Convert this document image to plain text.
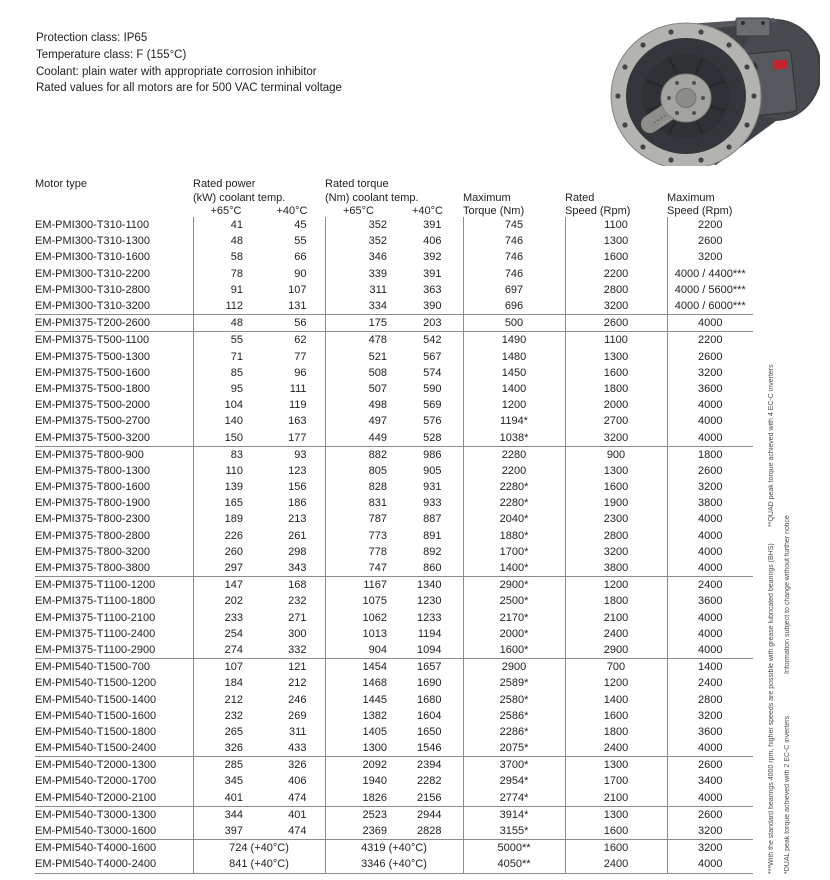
Protection class: IP65
Temperature class: F (155°C)
Coolant: plain water with appropriate corrosion inhibitor
Rated values for all motors are for 500 VAC terminal voltage
Motor type	Rated power		Rated torque				
	(kW) coolant temp.		(Nm) coolant temp.		Maximum	Rated	Maximum
	+65°C	+40°C	+65°C	+40°C	Torque (Nm)	Speed (Rpm)	Speed (Rpm)
EM-PMI300-T310-1100	41	45	352	391	745	1100	2200
EM-PMI300-T310-1300	48	55	352	406	746	1300	2600
EM-PMI300-T310-1600	58	66	346	392	746	1600	3200
EM-PMI300-T310-2200	78	90	339	391	746	2200	4000 / 4400***
EM-PMI300-T310-2800	91	107	311	363	697	2800	4000 / 5600***
EM-PMI300-T310-3200	112	131	334	390	696	3200	4000 / 6000***
EM-PMI375-T200-2600	48	56	175	203	500	2600	4000
EM-PMI375-T500-1100	55	62	478	542	1490	1100	2200
EM-PMI375-T500-1300	71	77	521	567	1480	1300	2600
EM-PMI375-T500-1600	85	96	508	574	1450	1600	3200
EM-PMI375-T500-1800	95	111	507	590	1400	1800	3600
EM-PMI375-T500-2000	104	119	498	569	1200	2000	4000
EM-PMI375-T500-2700	140	163	497	576	1194*	2700	4000
EM-PMI375-T500-3200	150	177	449	528	1038*	3200	4000
EM-PMI375-T800-900	83	93	882	986	2280	900	1800
EM-PMI375-T800-1300	110	123	805	905	2200	1300	2600
EM-PMI375-T800-1600	139	156	828	931	2280*	1600	3200
EM-PMI375-T800-1900	165	186	831	933	2280*	1900	3800
EM-PMI375-T800-2300	189	213	787	887	2040*	2300	4000
EM-PMI375-T800-2800	226	261	773	891	1880*	2800	4000
EM-PMI375-T800-3200	260	298	778	892	1700*	3200	4000
EM-PMI375-T800-3800	297	343	747	860	1400*	3800	4000
EM-PMI375-T1100-1200	147	168	1167	1340	2900*	1200	2400
EM-PMI375-T1100-1800	202	232	1075	1230	2500*	1800	3600
EM-PMI375-T1100-2100	233	271	1062	1233	2170*	2100	4000
EM-PMI375-T1100-2400	254	300	1013	1194	2000*	2400	4000
EM-PMI375-T1100-2900	274	332	904	1094	1600*	2900	4000
EM-PMI540-T1500-700	107	121	1454	1657	2900	700	1400
EM-PMI540-T1500-1200	184	212	1468	1690	2589*	1200	2400
EM-PMI540-T1500-1400	212	246	1445	1680	2580*	1400	2800
EM-PMI540-T1500-1600	232	269	1382	1604	2586*	1600	3200
EM-PMI540-T1500-1800	265	311	1405	1650	2286*	1800	3600
EM-PMI540-T1500-2400	326	433	1300	1546	2075*	2400	4000
EM-PMI540-T2000-1300	285	326	2092	2394	3700*	1300	2600
EM-PMI540-T2000-1700	345	406	1940	2282	2954*	1700	3400
EM-PMI540-T2000-2100	401	474	1826	2156	2774*	2100	4000
EM-PMI540-T3000-1300	344	401	2523	2944	3914*	1300	2600
EM-PMI540-T3000-1600	397	474	2369	2828	3155*	1600	3200
EM-PMI540-T4000-1600	724 (+40°C)		4319 (+40°C)		5000**	1600	3200
EM-PMI540-T4000-2400	841 (+40°C)		3346 (+40°C)		4050**	2400	4000	***With the standard bearings 4000 rpm, higher speeds are possible with grease lubricated bearings (BHS) **QUAD peak torque achieved with 4 EC-C inverters
*DUAL peak torque achieved with 2 EC-C inverters Information subject to change without further notice
